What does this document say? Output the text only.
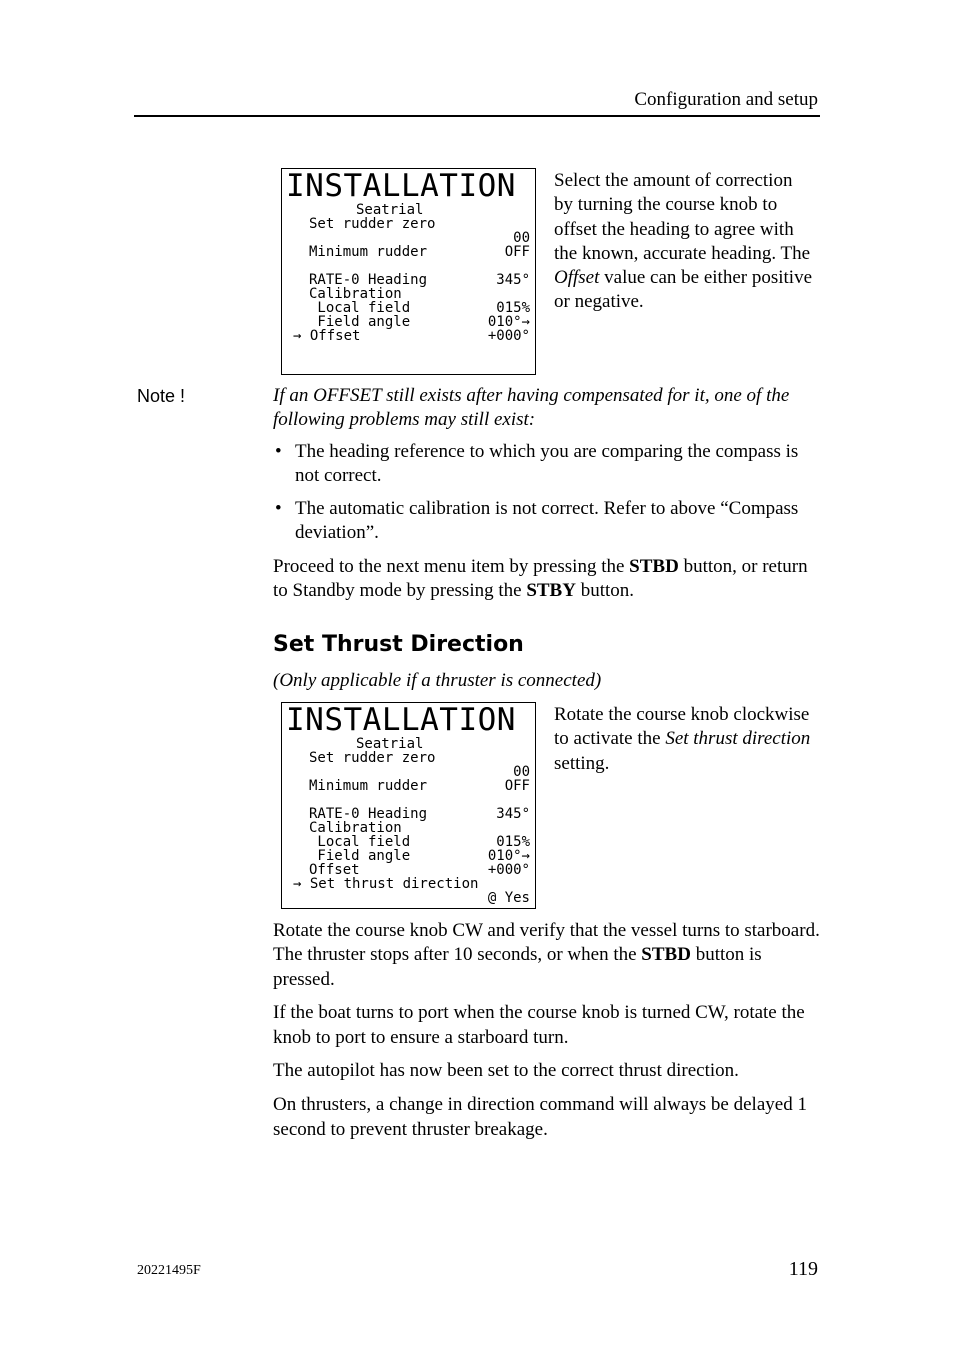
Configuration and setup
INSTALLATION
Seatrial
Set rudder zero
00
Minimum rudder	OFF
RATE-0 Heading	345°
Calibration
Local field	015%
Field angle	010°→
→ Offset	+000°
Select the amount of correction by turning the course knob to offset the heading to agree with the known, accurate heading. The Offset value can be either positive or negative.
Note !	If an OFFSET still exists after having compensated for it, one of the following problems may still exist:
• The heading reference to which you are comparing the compass is not correct.
• The automatic calibration is not correct. Refer to above “Compass deviation”.
Proceed to the next menu item by pressing the STBD button, or return to Standby mode by pressing the STBY button.
Set Thrust Direction
(Only applicable if a thruster is connected)
INSTALLATION
Seatrial
Set rudder zero
00
Minimum rudder	OFF
RATE-0 Heading	345°
Calibration
Local field	015%
Field angle	010°→
Offset	+000°
→ Set thrust direction
@ Yes
Rotate the course knob clockwise to activate the Set thrust direction setting.

Rotate the course knob CW and verify that the vessel turns to starboard. The thruster stops after 10 seconds, or when the STBD button is pressed.

If the boat turns to port when the course knob is turned CW, rotate the knob to port to ensure a starboard turn.

The autopilot has now been set to the correct thrust direction.

On thrusters, a change in direction command will always be delayed 1 second to prevent thruster breakage.

20221495F	119
